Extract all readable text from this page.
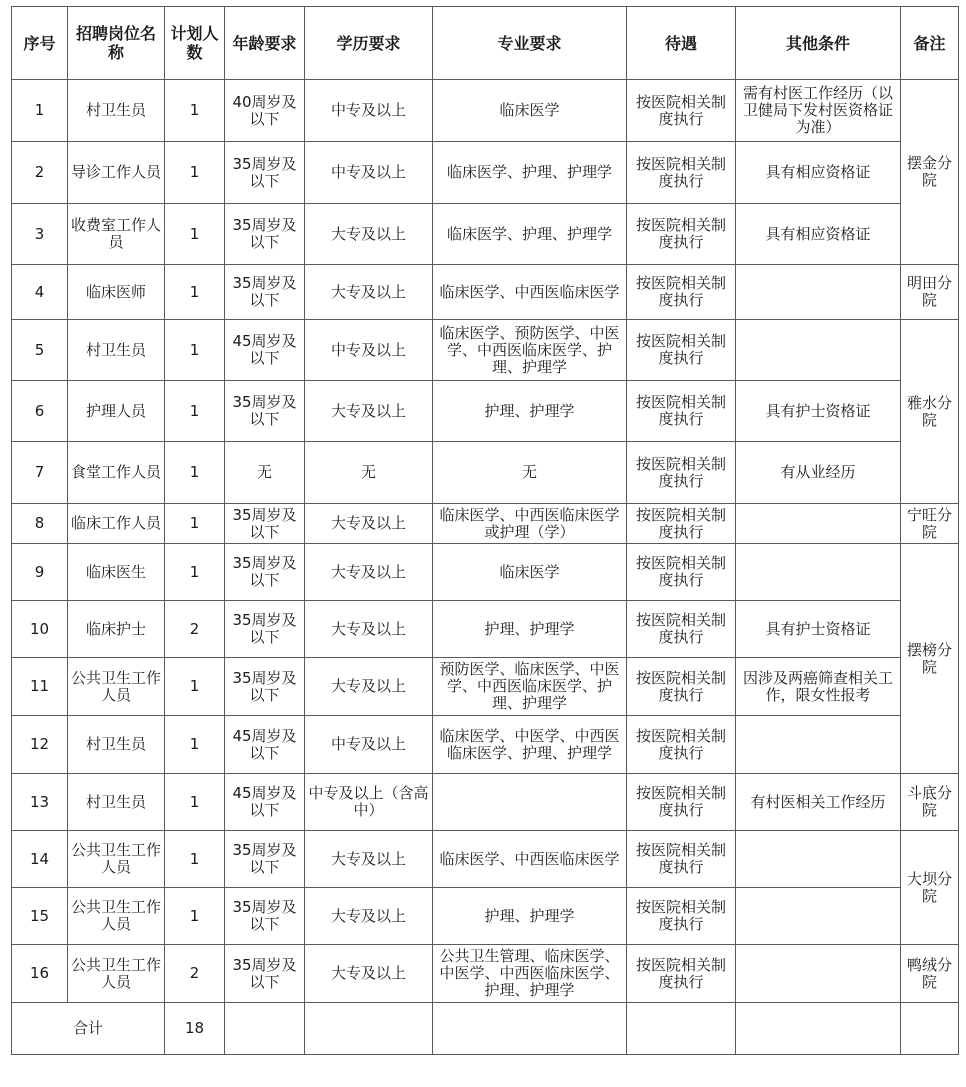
序号	招聘岗位名称	计划人数	年龄要求	学历要求	专业要求	待遇	其他条件	备注
1	村卫生员	1	40周岁及以下	中专及以上	临床医学	按医院相关制度执行	需有村医工作经历（以卫健局下发村医资格证为准）	摆金分院
2	导诊工作人员	1	35周岁及以下	中专及以上	临床医学、护理、护理学	按医院相关制度执行	具有相应资格证	
3	收费室工作人员	1	35周岁及以下	大专及以上	临床医学、护理、护理学	按医院相关制度执行	具有相应资格证	
4	临床医师	1	35周岁及以下	大专及以上	临床医学、中西医临床医学	按医院相关制度执行		明田分院
5	村卫生员	1	45周岁及以下	中专及以上	临床医学、预防医学、中医学、中西医临床医学、护理、护理学	按医院相关制度执行		雅水分院
6	护理人员	1	35周岁及以下	大专及以上	护理、护理学	按医院相关制度执行	具有护士资格证	
7	食堂工作人员	1	无	无	无	按医院相关制度执行	有从业经历	
8	临床工作人员	1	35周岁及以下	大专及以上	临床医学、中西医临床医学或护理（学）	按医院相关制度执行		宁旺分院
9	临床医生	1	35周岁及以下	大专及以上	临床医学	按医院相关制度执行		摆榜分院
10	临床护士	2	35周岁及以下	大专及以上	护理、护理学	按医院相关制度执行	具有护士资格证	
11	公共卫生工作人员	1	35周岁及以下	大专及以上	预防医学、临床医学、中医学、中西医临床医学、护理、护理学	按医院相关制度执行	因涉及两癌筛查相关工作，限女性报考	
12	村卫生员	1	45周岁及以下	中专及以上	临床医学、中医学、中西医临床医学、护理、护理学	按医院相关制度执行		
13	村卫生员	1	45周岁及以下	中专及以上（含高中）		按医院相关制度执行	有村医相关工作经历	斗底分院
14	公共卫生工作人员	1	35周岁及以下	大专及以上	临床医学、中西医临床医学	按医院相关制度执行		大坝分院
15	公共卫生工作人员	1	35周岁及以下	大专及以上	护理、护理学	按医院相关制度执行		
16	公共卫生工作人员	2	35周岁及以下	大专及以上	公共卫生管理、临床医学、中医学、中西医临床医学、护理、护理学	按医院相关制度执行		鸭绒分院
合计		18						
